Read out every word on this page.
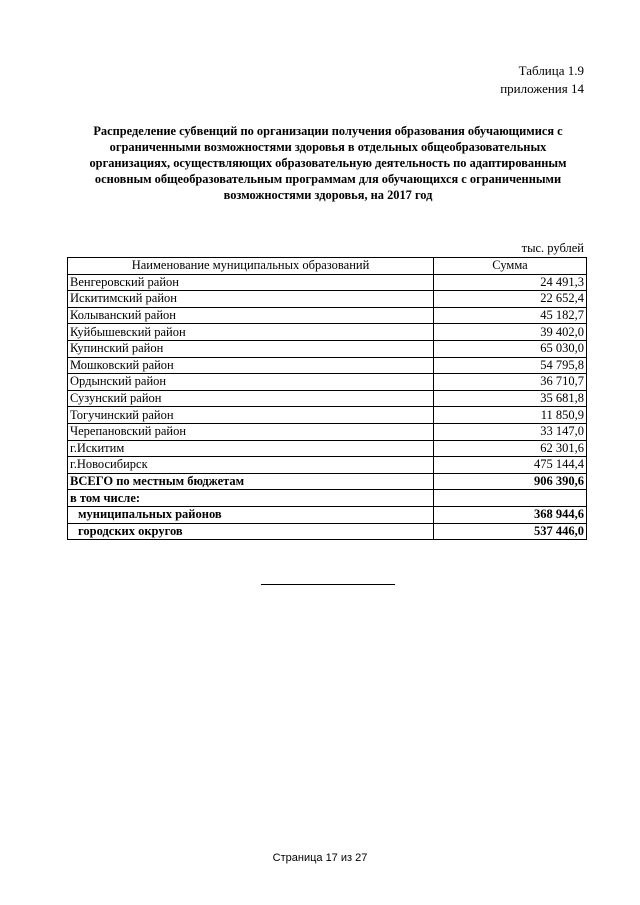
Таблица 1.9
приложения 14
Распределение субвенций по организации получения образования обучающимися с
ограниченными возможностями здоровья в отдельных общеобразовательных
организациях, осуществляющих образовательную деятельность по адаптированным
основным общеобразовательным программам для обучающихся с ограниченными
возможностями здоровья, на 2017 год
тыс. рублей
Наименование муниципальных образований	Сумма
Венгеровский район	24 491,3
Искитимский район	22 652,4
Колыванский район	45 182,7
Куйбышевский район	39 402,0
Купинский район	65 030,0
Мошковский район	54 795,8
Ордынский район	36 710,7
Сузунский район	35 681,8
Тогучинский район	11 850,9
Черепановский район	33 147,0
г.Искитим	62 301,6
г.Новосибирск	475 144,4
ВСЕГО по местным бюджетам	906 390,6
в том числе:	
муниципальных районов	368 944,6
городских округов	537 446,0
Страница 17 из 27
